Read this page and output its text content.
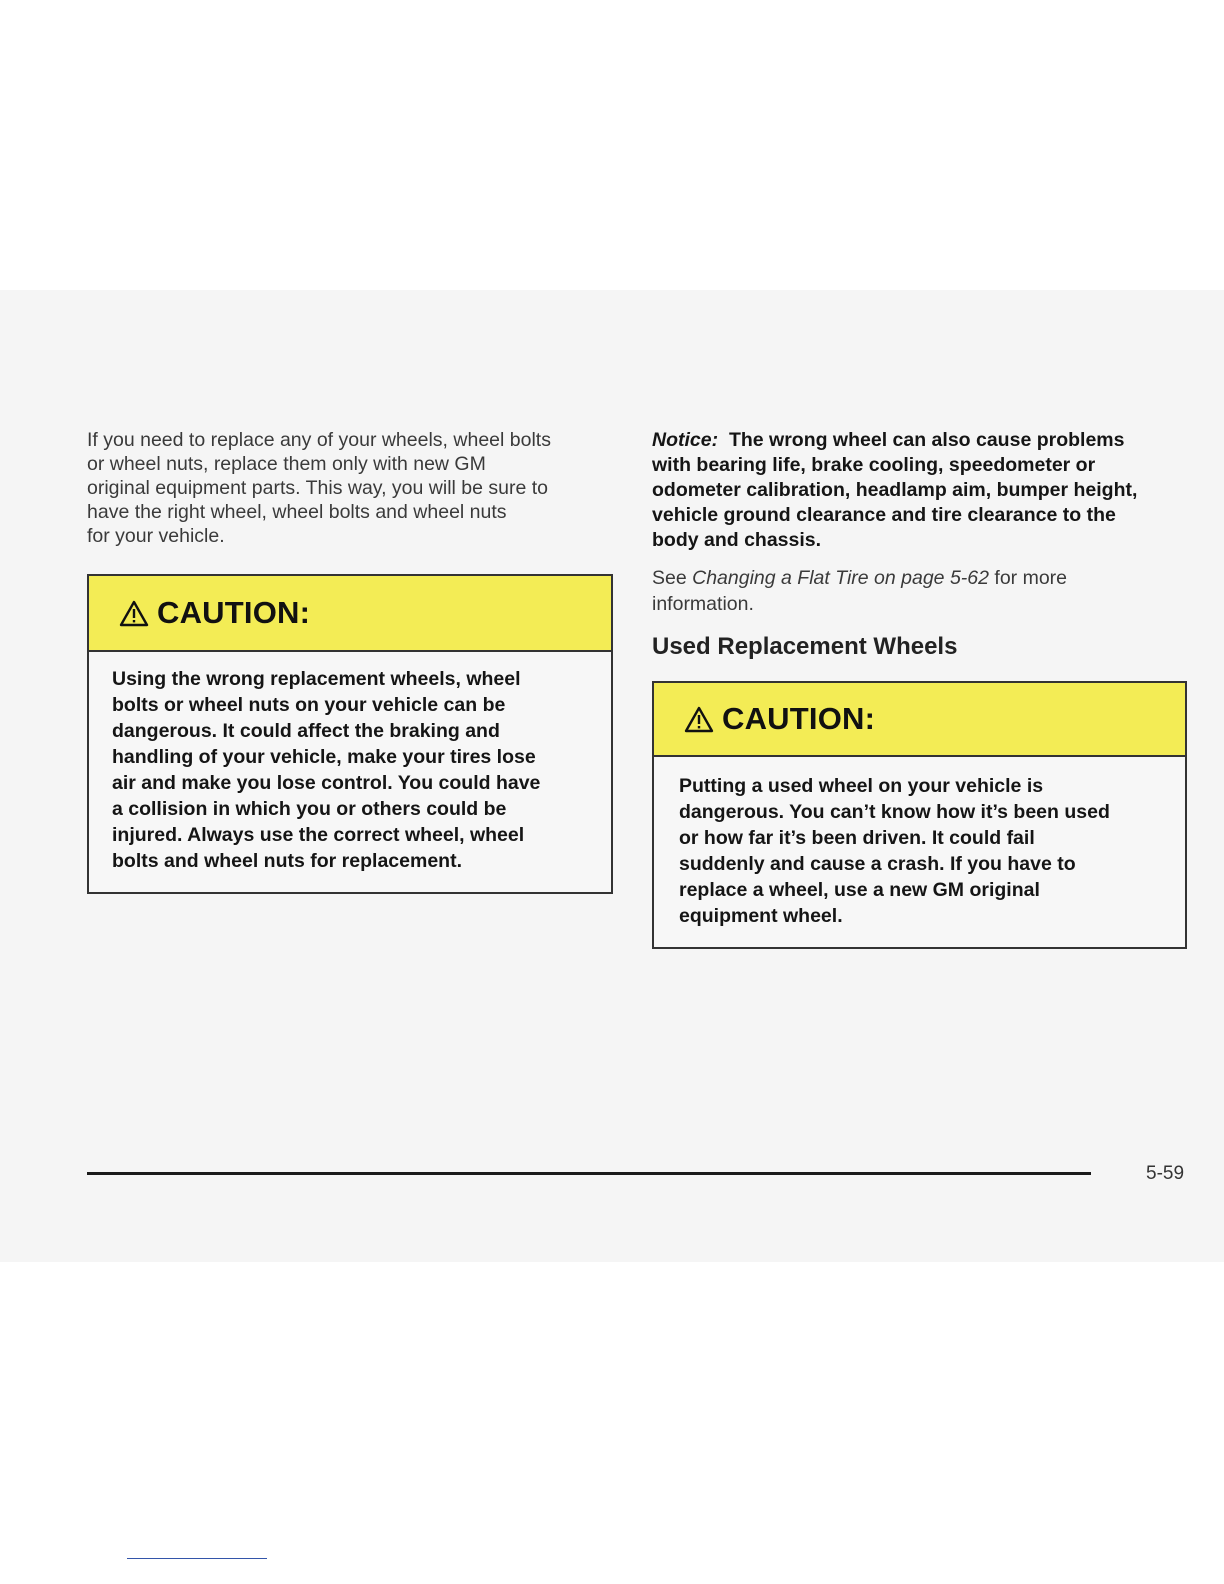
If you need to replace any of your wheels, wheel bolts
or wheel nuts, replace them only with new GM
original equipment parts. This way, you will be sure to
have the right wheel, wheel bolts and wheel nuts
for your vehicle.

CAUTION:

Using the wrong replacement wheels, wheel
bolts or wheel nuts on your vehicle can be
dangerous. It could affect the braking and
handling of your vehicle, make your tires lose
air and make you lose control. You could have
a collision in which you or others could be
injured. Always use the correct wheel, wheel
bolts and wheel nuts for replacement.

Notice: The wrong wheel can also cause problems
with bearing life, brake cooling, speedometer or
odometer calibration, headlamp aim, bumper height,
vehicle ground clearance and tire clearance to the
body and chassis.

See Changing a Flat Tire on page 5-62 for more
information.

Used Replacement Wheels
CAUTION:

Putting a used wheel on your vehicle is
dangerous. You can’t know how it’s been used
or how far it’s been driven. It could fail
suddenly and cause a crash. If you have to
replace a wheel, use a new GM original
equipment wheel.

5-59
